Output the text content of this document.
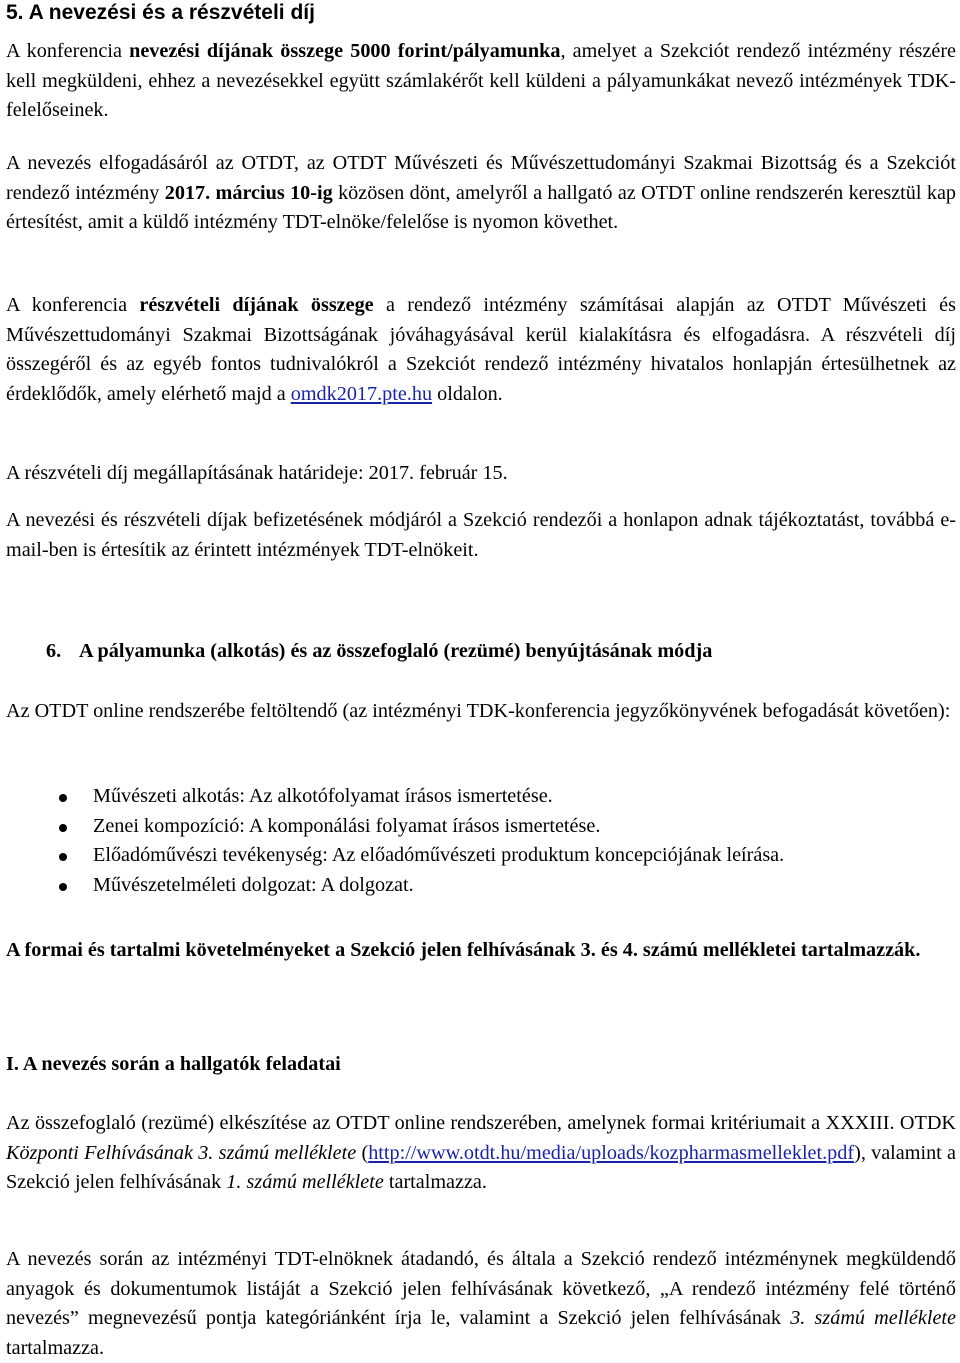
5. A nevezési és a részvételi díj

A konferencia nevezési díjának összege 5000 forint/pályamunka, amelyet a Szekciót rendező intézmény részére kell megküldeni, ehhez a nevezésekkel együtt számlakérőt kell küldeni a pályamunkákat nevező intézmények TDK-felelőseinek.

A nevezés elfogadásáról az OTDT, az OTDT Művészeti és Művészettudományi Szakmai Bizottság és a Szekciót rendező intézmény 2017. március 10-ig közösen dönt, amelyről a hallgató az OTDT online rendszerén keresztül kap értesítést, amit a küldő intézmény TDT-elnöke/felelőse is nyomon követhet.

A konferencia részvételi díjának összege a rendező intézmény számításai alapján az OTDT Művészeti és Művészettudományi Szakmai Bizottságának jóváhagyásával kerül kialakításra és elfogadásra. A részvételi díj összegéről és az egyéb fontos tudnivalókról a Szekciót rendező intézmény hivatalos honlapján értesülhetnek az érdeklődők, amely elérhető majd a omdk2017.pte.hu oldalon.

A részvételi díj megállapításának határideje: 2017. február 15.

A nevezési és részvételi díjak befizetésének módjáról a Szekció rendezői a honlapon adnak tájékoztatást, továbbá e-mail-ben is értesítik az érintett intézmények TDT-elnökeit.

6. A pályamunka (alkotás) és az összefoglaló (rezümé) benyújtásának módja

Az OTDT online rendszerébe feltöltendő (az intézményi TDK-konferencia jegyzőkönyvének befogadását követően):

Művészeti alkotás: Az alkotófolyamat írásos ismertetése.
Zenei kompozíció: A komponálási folyamat írásos ismertetése.
Előadóművészi tevékenység: Az előadóművészeti produktum koncepciójának leírása.
Művészetelméleti dolgozat: A dolgozat.

A formai és tartalmi követelményeket a Szekció jelen felhívásának 3. és 4. számú mellékletei tartalmazzák.

I. A nevezés során a hallgatók feladatai

Az összefoglaló (rezümé) elkészítése az OTDT online rendszerében, amelynek formai kritériumait a XXXIII. OTDK Központi Felhívásának 3. számú melléklete (http://www.otdt.hu/media/uploads/kozpharmasmelleklet.pdf), valamint a Szekció jelen felhívásának 1. számú melléklete tartalmazza.

A nevezés során az intézményi TDT-elnöknek átadandó, és általa a Szekció rendező intézménynek megküldendő anyagok és dokumentumok listáját a Szekció jelen felhívásának következő, „A rendező intézmény felé történő nevezés” megnevezésű pontja kategóriánként írja le, valamint a Szekció jelen felhívásának 3. számú melléklete tartalmazza.
